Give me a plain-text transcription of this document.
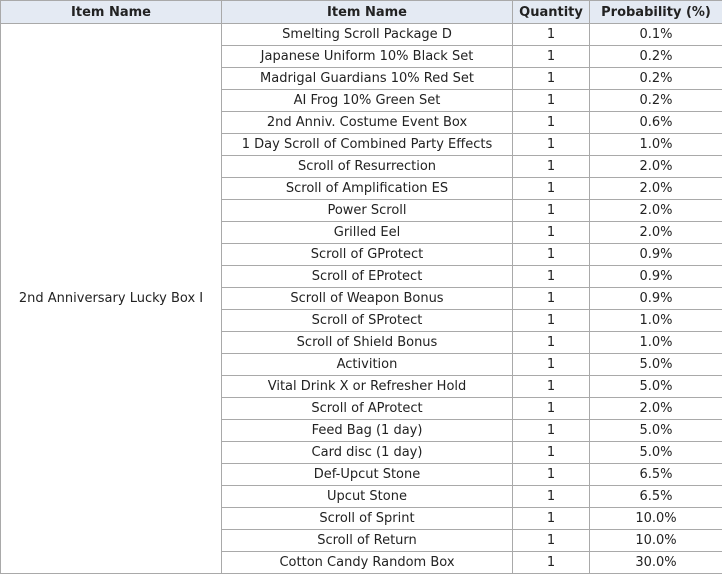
Item Name	Item Name	Quantity	Probability (%)
2nd Anniversary Lucky Box Ⅰ	Smelting Scroll Package D	1	0.1%
	Japanese Uniform 10% Black Set	1	0.2%
	Madrigal Guardians 10% Red Set	1	0.2%
	AI Frog 10% Green Set	1	0.2%
	2nd Anniv. Costume Event Box	1	0.6%
	1 Day Scroll of Combined Party Effects	1	1.0%
	Scroll of Resurrection	1	2.0%
	Scroll of Amplification ES	1	2.0%
	Power Scroll	1	2.0%
	Grilled Eel	1	2.0%
	Scroll of GProtect	1	0.9%
	Scroll of EProtect	1	0.9%
	Scroll of Weapon Bonus	1	0.9%
	Scroll of SProtect	1	1.0%
	Scroll of Shield Bonus	1	1.0%
	Activition	1	5.0%
	Vital Drink X or Refresher Hold	1	5.0%
	Scroll of AProtect	1	2.0%
	Feed Bag (1 day)	1	5.0%
	Card disc (1 day)	1	5.0%
	Def-Upcut Stone	1	6.5%
	Upcut Stone	1	6.5%
	Scroll of Sprint	1	10.0%
	Scroll of Return	1	10.0%
	Cotton Candy Random Box	1	30.0%
